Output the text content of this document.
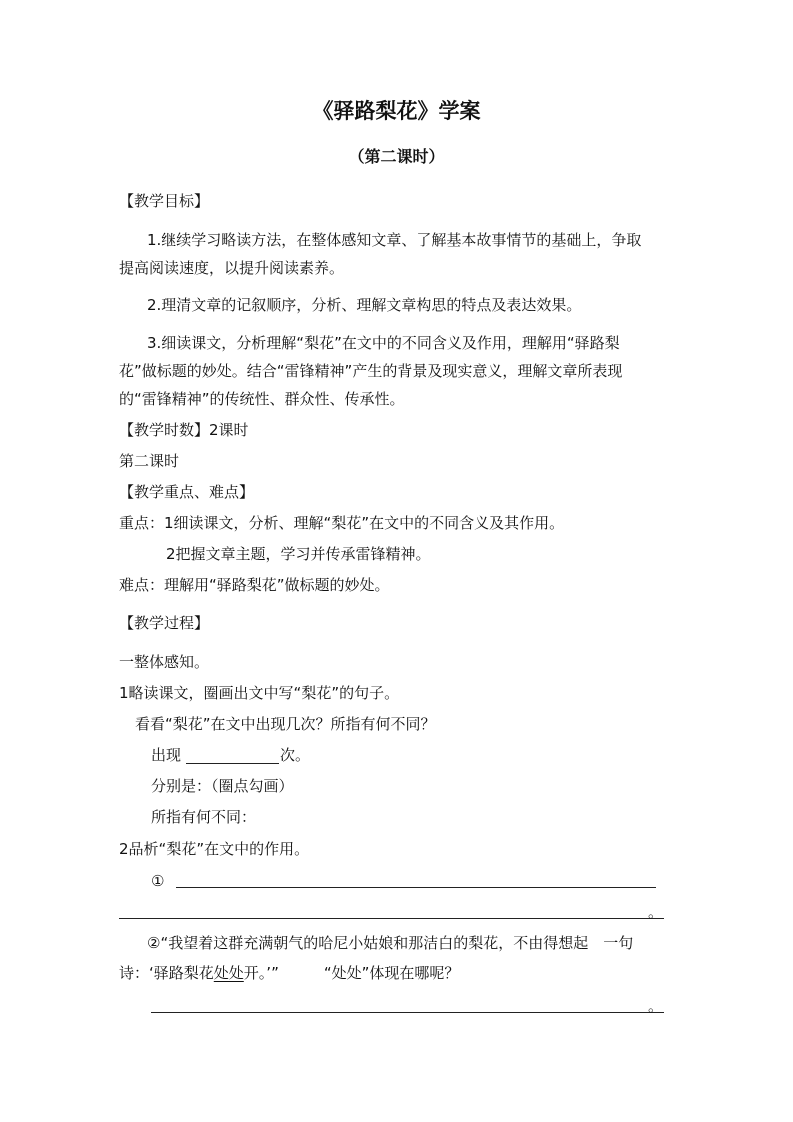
《驿路梨花》学案
（第二课时）
【教学目标】
1.继续学习略读方法，在整体感知文章、了解基本故事情节的基础上，争取
提高阅读速度，以提升阅读素养。
2.理清文章的记叙顺序，分析、理解文章构思的特点及表达效果。
3.细读课文，分析理解“梨花”在文中的不同含义及作用，理解用“驿路梨
花”做标题的妙处。结合“雷锋精神”产生的背景及现实意义，理解文章所表现
的“雷锋精神”的传统性、群众性、传承性。
【教学时数】2课时
第二课时
【教学重点、难点】
重点：1细读课文，分析、理解“梨花”在文中的不同含义及其作用。
2把握文章主题，学习并传承雷锋精神。
难点：理解用“驿路梨花”做标题的妙处。
【教学过程】
一整体感知。
1略读课文，圈画出文中写“梨花”的句子。
看看“梨花”在文中出现几次？所指有何不同？
出现	次。
分别是：（圈点勾画）
所指有何不同：
2品析“梨花”在文中的作用。
①
。
②“我望着这群充满朝气的哈尼小姑娘和那洁白的梨花，不由得想起　一句
诗：‘驿路梨花处处开。’”　　　“处处”体现在哪呢？
。
